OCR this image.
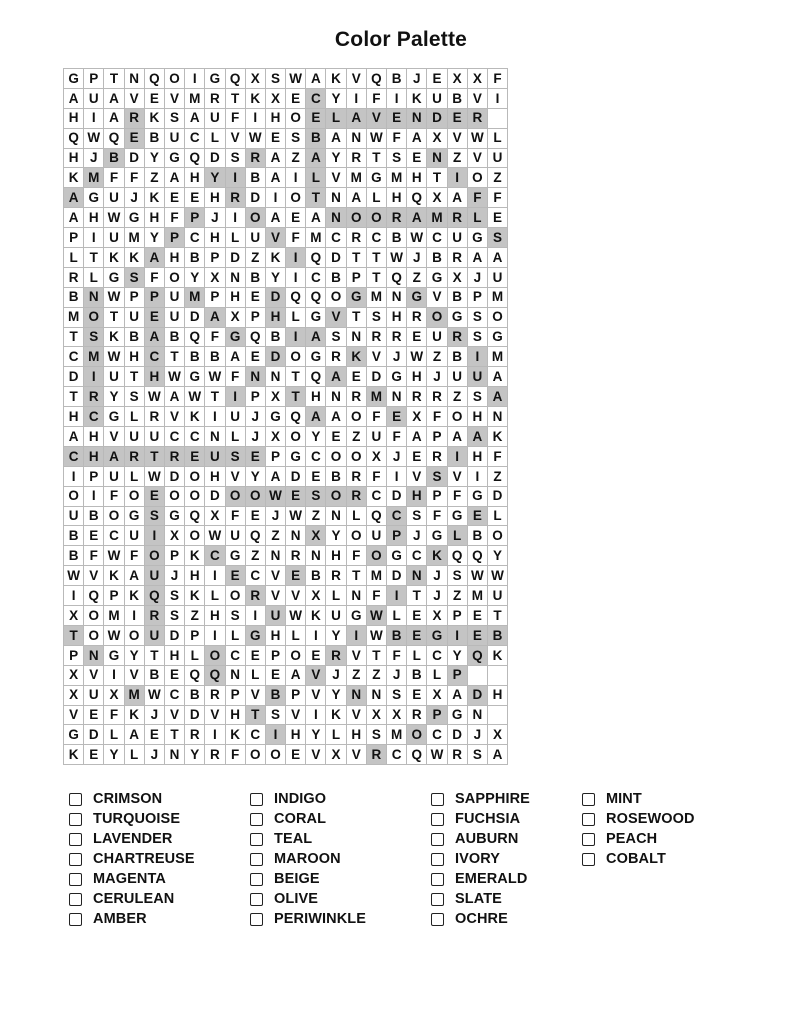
Color Palette
G	P	T	N	Q	O	I	G	Q	X	S	W	A	K	V	Q	B	J	E	X	X	F
A	U	A	V	E	V	M	R	T	K	X	E	C	Y	I	F	I	K	U	B	V	I
H	I	A	R	K	S	A	U	F	I	H	O	E	L	A	V	E	N	D	E	R	
Q	W	Q	E	B	U	C	L	V	W	E	S	B	A	N	W	F	A	X	V	W	L
H	J	B	D	Y	G	Q	D	S	R	A	Z	A	Y	R	T	S	E	N	Z	V	U
K	M	F	F	Z	A	H	Y	I	B	A	I	L	V	M	G	M	H	T	I	O	Z
A	G	U	J	K	E	E	H	R	D	I	O	T	N	A	L	H	Q	X	A	F	F
A	H	W	G	H	F	P	J	I	O	A	E	A	N	O	O	R	A	M	R	L	E
P	I	U	M	Y	P	C	H	L	U	V	F	M	C	R	C	B	W	C	U	G	S
L	T	K	K	A	H	B	P	D	Z	K	I	Q	D	T	T	W	J	B	R	A	A
R	L	G	S	F	O	Y	X	N	B	Y	I	C	B	P	T	Q	Z	G	X	J	U
B	N	W	P	P	U	M	P	H	E	D	Q	Q	O	G	M	N	G	V	B	P	M
M	O	T	U	E	U	D	A	X	P	H	L	G	V	T	S	H	R	O	G	S	O
T	S	K	B	A	B	Q	F	G	Q	B	I	A	S	N	R	R	E	U	R	S	G
C	M	W	H	C	T	B	B	A	E	D	O	G	R	K	V	J	W	Z	B	I	M
D	I	U	T	H	W	G	W	F	N	N	T	Q	A	E	D	G	H	J	U	U	A
T	R	Y	S	W	A	W	T	I	P	X	T	H	N	R	M	N	R	R	Z	S	A
H	C	G	L	R	V	K	I	U	J	G	Q	A	A	O	F	E	X	F	O	H	N
A	H	V	U	U	C	C	N	L	J	X	O	Y	E	Z	U	F	A	P	A	A	K
C	H	A	R	T	R	E	U	S	E	P	G	C	O	O	X	J	E	R	I	H	F
I	P	U	L	W	D	O	H	V	Y	A	D	E	B	R	F	I	V	S	V	I	Z
O	I	F	O	E	O	O	D	O	O	W	E	S	O	R	C	D	H	P	F	G	D
U	B	O	G	S	G	Q	X	F	E	J	W	Z	N	L	Q	C	S	F	G	E	L
B	E	C	U	I	X	O	W	U	Q	Z	N	X	Y	O	U	P	J	G	L	B	O
B	F	W	F	O	P	K	C	G	Z	N	R	N	H	F	O	G	C	K	Q	Q	Y
W	V	K	A	U	J	H	I	E	C	V	E	B	R	T	M	D	N	J	S	W	W
I	Q	P	K	Q	S	K	L	O	R	V	V	X	L	N	F	I	T	J	Z	M	U
X	O	M	I	R	S	Z	H	S	I	U	W	K	U	G	W	L	E	X	P	E	T
T	O	W	O	U	D	P	I	L	G	H	L	I	Y	I	W	B	E	G	I	E	B
P	N	G	Y	T	H	L	O	C	E	P	O	E	R	V	T	F	L	C	Y	Q	K
X	V	I	V	B	E	Q	Q	N	L	E	A	V	J	Z	Z	J	B	L	P		
X	U	X	M	W	C	B	R	P	V	B	P	V	Y	N	N	S	E	X	A	D	H
V	E	F	K	J	V	D	V	H	T	S	V	I	K	V	X	X	R	P	G	N	
G	D	L	A	E	T	R	I	K	C	I	H	Y	L	H	S	M	O	C	D	J	X
K	E	Y	L	J	N	Y	R	F	O	O	E	V	X	V	R	C	Q	W	R	S	A
CRIMSON
TURQUOISE
LAVENDER
CHARTREUSE
MAGENTA
CERULEAN
AMBER
INDIGO
CORAL
TEAL
MAROON
BEIGE
OLIVE
PERIWINKLE
SAPPHIRE
FUCHSIA
AUBURN
IVORY
EMERALD
SLATE
OCHRE
MINT
ROSEWOOD
PEACH
COBALT
